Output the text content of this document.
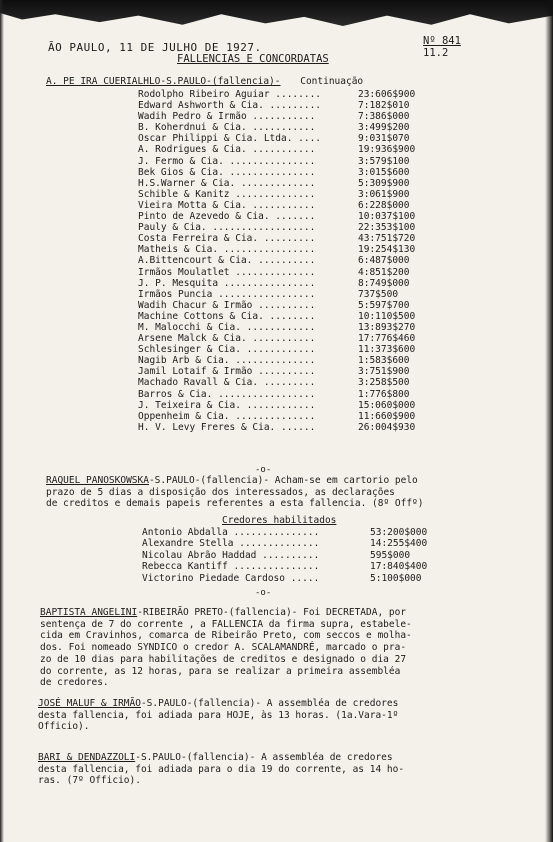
ÃO PAULO, 11 DE JULHO DE 1927.	Nº 841
11.2
FALLENCIAS E CONCORDATAS
A. PE IRA CUERIALHLO-S.PAULO-(fallencia)- Continuação
Rodolpho Ribeiro Aguiar ........	23:606$900
Edward Ashworth & Cia. .........	7:182$010
Wadih Pedro & Irmão ...........	7:386$000
B. Koherdnui & Cia. ...........	3:499$200
Oscar Philippi & Cia. Ltda. ....	9:031$070
A. Rodrigues & Cia. ...........	19:936$900
J. Fermo & Cia. ...............	3:579$100
Bek Gios & Cia. ...............	3:015$600
H.S.Warner & Cia. .............	5:309$900
Schible & Kanitz ..............	3:061$900
Vieira Motta & Cia. ...........	6:228$000
Pinto de Azevedo & Cia. .......	10:037$100
Pauly & Cia. ..................	22:353$100
Costa Ferreira & Cia. .........	43:751$720
Matheis & Cia. ................	19:254$130
A.Bittencourt & Cia. ..........	6:487$000
Irmãos Moulatlet ..............	4:851$200
J. P. Mesquita ................	8:749$000
Irmãos Puncia .................	737$500
Wadih Chacur & Irmão ..........	5:597$700
Machine Cottons & Cia. ........	10:110$500
M. Malocchi & Cia. ............	13:893$270
Arsene Malck & Cia. ...........	17:776$460
Schlesinger & Cia. ............	11:373$600
Nagib Arb & Cia. ..............	1:583$600
Jamil Lotaif & Irmão ..........	3:751$900
Machado Ravall & Cia. .........	3:258$500
Barros & Cia. .................	1:776$800
J. Teixeira & Cia. ............	15:060$000
Oppenheim & Cia. ..............	11:660$900
H. V. Levy Freres & Cia. ......	26:004$930
-o-
RAQUEL PANOSKOWSKA-S.PAULO-(fallencia)- Acham-se em cartorio pelo
prazo de 5 dias a disposição dos interessados, as declarações
de creditos e demais papeis referentes a esta fallencia. (8º Offº)
Credores habilitados
Antonio Abdalla ...............	53:200$000
Alexandre Stella ..............	14:255$400
Nicolau Abrão Haddad ..........	595$000
Rebecca Kantiff ...............	17:840$400
Victorino Piedade Cardoso .....	5:100$000
-o-
BAPTISTA ANGELINI-RIBEIRÃO PRETO-(fallencia)- Foi DECRETADA, por
sentença de 7 do corrente , a FALLENCIA da firma supra, estabele-
cida em Cravinhos, comarca de Ribeirão Preto, com seccos e molha-
dos. Foi nomeado SYNDICO o credor A. SCALAMANDRÉ, marcado o pra-
zo de 10 dias para habilitações de creditos e designado o dia 27
do corrente, as 12 horas, para se realizar a primeira assembléa
de credores.
JOSÉ MALUF & IRMÃO-S.PAULO-(fallencia)- A assembléa de credores
desta fallencia, foi adiada para HOJE, às 13 horas. (1a.Vara-1º
Officio).
BARI & DENDAZZOLI-S.PAULO-(fallencia)- A assembléa de credores
desta fallencia, foi adiada para o dia 19 do corrente, as 14 ho-
ras. (7º Officio).
